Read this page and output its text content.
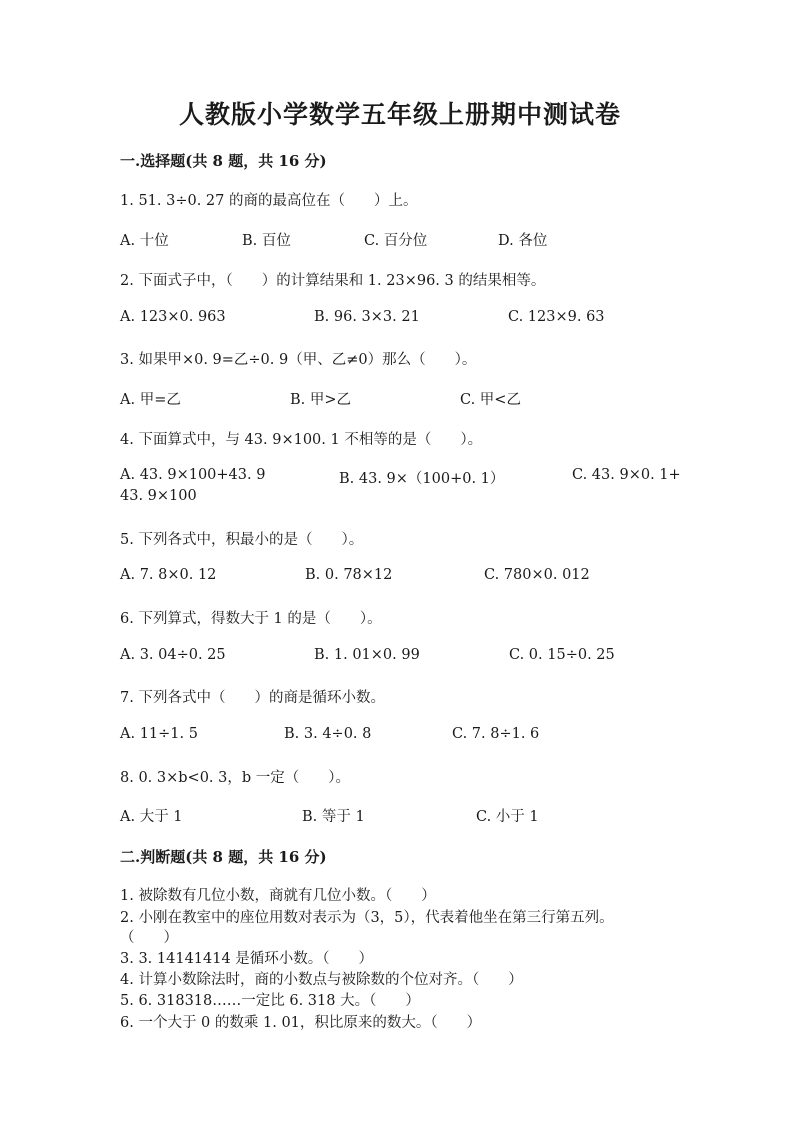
人教版小学数学五年级上册期中测试卷
一.选择题(共 8 题，共 16 分)
1. 51. 3÷0. 27 的商的最高位在（　　）上。
A. 十位	B. 百位	C. 百分位	D. 各位
2. 下面式子中，（　　）的计算结果和 1. 23×96. 3 的结果相等。
A. 123×0. 963	B. 96. 3×3. 21	C. 123×9. 63
3. 如果甲×0. 9=乙÷0. 9（甲、乙≠0）那么（　　）。
A. 甲=乙	B. 甲>乙	C. 甲<乙
4. 下面算式中，与 43. 9×100. 1 不相等的是（　　）。
A. 43. 9×100+43. 9	B. 43. 9×（100+0. 1）	C. 43. 9×0. 1+
43. 9×100
5. 下列各式中，积最小的是（　　）。
A. 7. 8×0. 12	B. 0. 78×12	C. 780×0. 012
6. 下列算式，得数大于 1 的是（　　）。
A. 3. 04÷0. 25	B. 1. 01×0. 99	C. 0. 15÷0. 25
7. 下列各式中（　　）的商是循环小数。
A. 11÷1. 5	B. 3. 4÷0. 8	C. 7. 8÷1. 6
8. 0. 3×b<0. 3，b 一定（　　）。
A. 大于 1	B. 等于 1	C. 小于 1
二.判断题(共 8 题，共 16 分)
1. 被除数有几位小数，商就有几位小数。（　　）
2. 小刚在教室中的座位用数对表示为（3，5），代表着他坐在第三行第五列。
（　　）
3. 3. 14141414 是循环小数。（　　）
4. 计算小数除法时，商的小数点与被除数的个位对齐。（　　）
5. 6. 318318……一定比 6. 318 大。（　　）
6. 一个大于 0 的数乘 1. 01，积比原来的数大。（　　）
